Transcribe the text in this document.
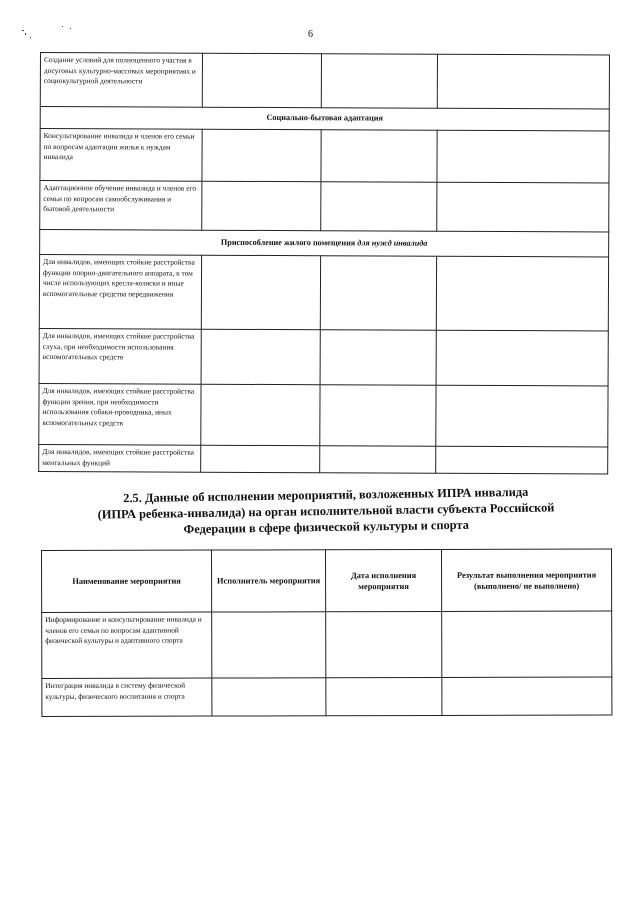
6
Создание условий для полноценного участия в досуговых культурно-массовых мероприятиях и социокультурной деятельности			
Социально-бытовая адаптация			
Консультирование инвалида и членов его семьи по вопросам адаптации жилья к нуждам инвалида			
Адаптационное обучение инвалида и членов его семьи по вопросам самообслуживания и бытовой деятельности			
Приспособление жилого помещения для нужд инвалида			
Для инвалидов, имеющих стойкие расстройства функции опорно-двигательного аппарата, в том числе использующих кресла-коляски и иные вспомогательные средства передвижения			
Для инвалидов, имеющих стойкие расстройства слуха, при необходимости использования вспомогательных средств			
Для инвалидов, имеющих стойкие расстройства функции зрения, при необходимости использования собаки-проводника, иных вспомогательных средств			
Для инвалидов, имеющих стойкие расстройства ментальных функций			
2.5. Данные об исполнении мероприятий, возложенных ИПРА инвалида
(ИПРА ребенка-инвалида) на орган исполнительной власти субъекта Российской
Федерации в сфере физической культуры и спорта
Наименование мероприятия	Исполнитель мероприятия	Дата исполнения мероприятия	Результат выполнения мероприятия
(выполнено/ не выполнено)

Информирование и консультирование инвалида и членов его семьи по вопросам адаптивной физической культуры и адаптивного спорта			
Интеграция инвалида в систему физической культуры, физического воспитания и спорта			
